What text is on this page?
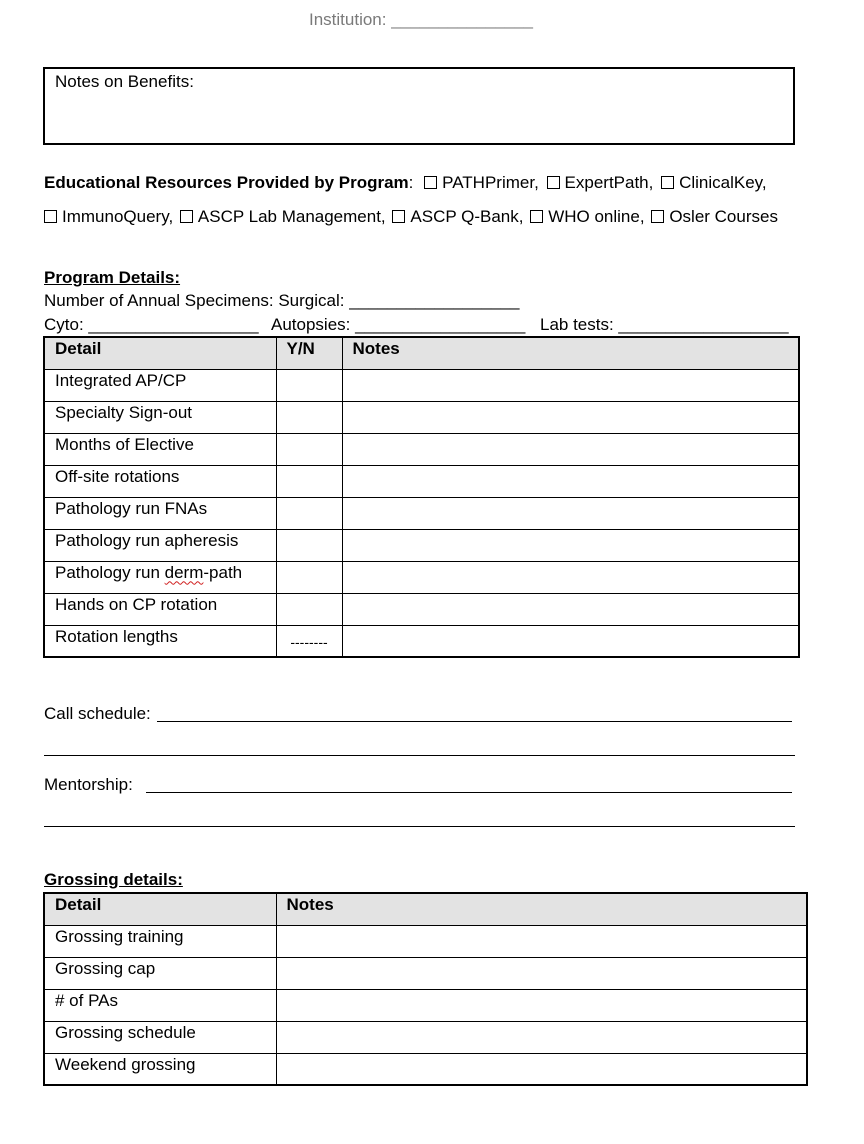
Institution: _______________
Notes on Benefits:
Educational Resources Provided by Program: PATHPrimer, ExpertPath, ClinicalKey,
ImmunoQuery, ASCP Lab Management, ASCP Q-Bank, WHO online, Osler Courses
Program Details:
Number of Annual Specimens: Surgical: __________________
Cyto: __________________ Autopsies: __________________ Lab tests: __________________
Detail	Y/N	Notes
Integrated AP/CP		
Specialty Sign-out		
Months of Elective		
Off-site rotations		
Pathology run FNAs		
Pathology run apheresis		
Pathology run derm-path		
Hands on CP rotation		
Rotation lengths	--------	
Call schedule:
Mentorship:
Grossing details:
Detail	Notes
Grossing training	
Grossing cap	
# of PAs	
Grossing schedule	
Weekend grossing	
